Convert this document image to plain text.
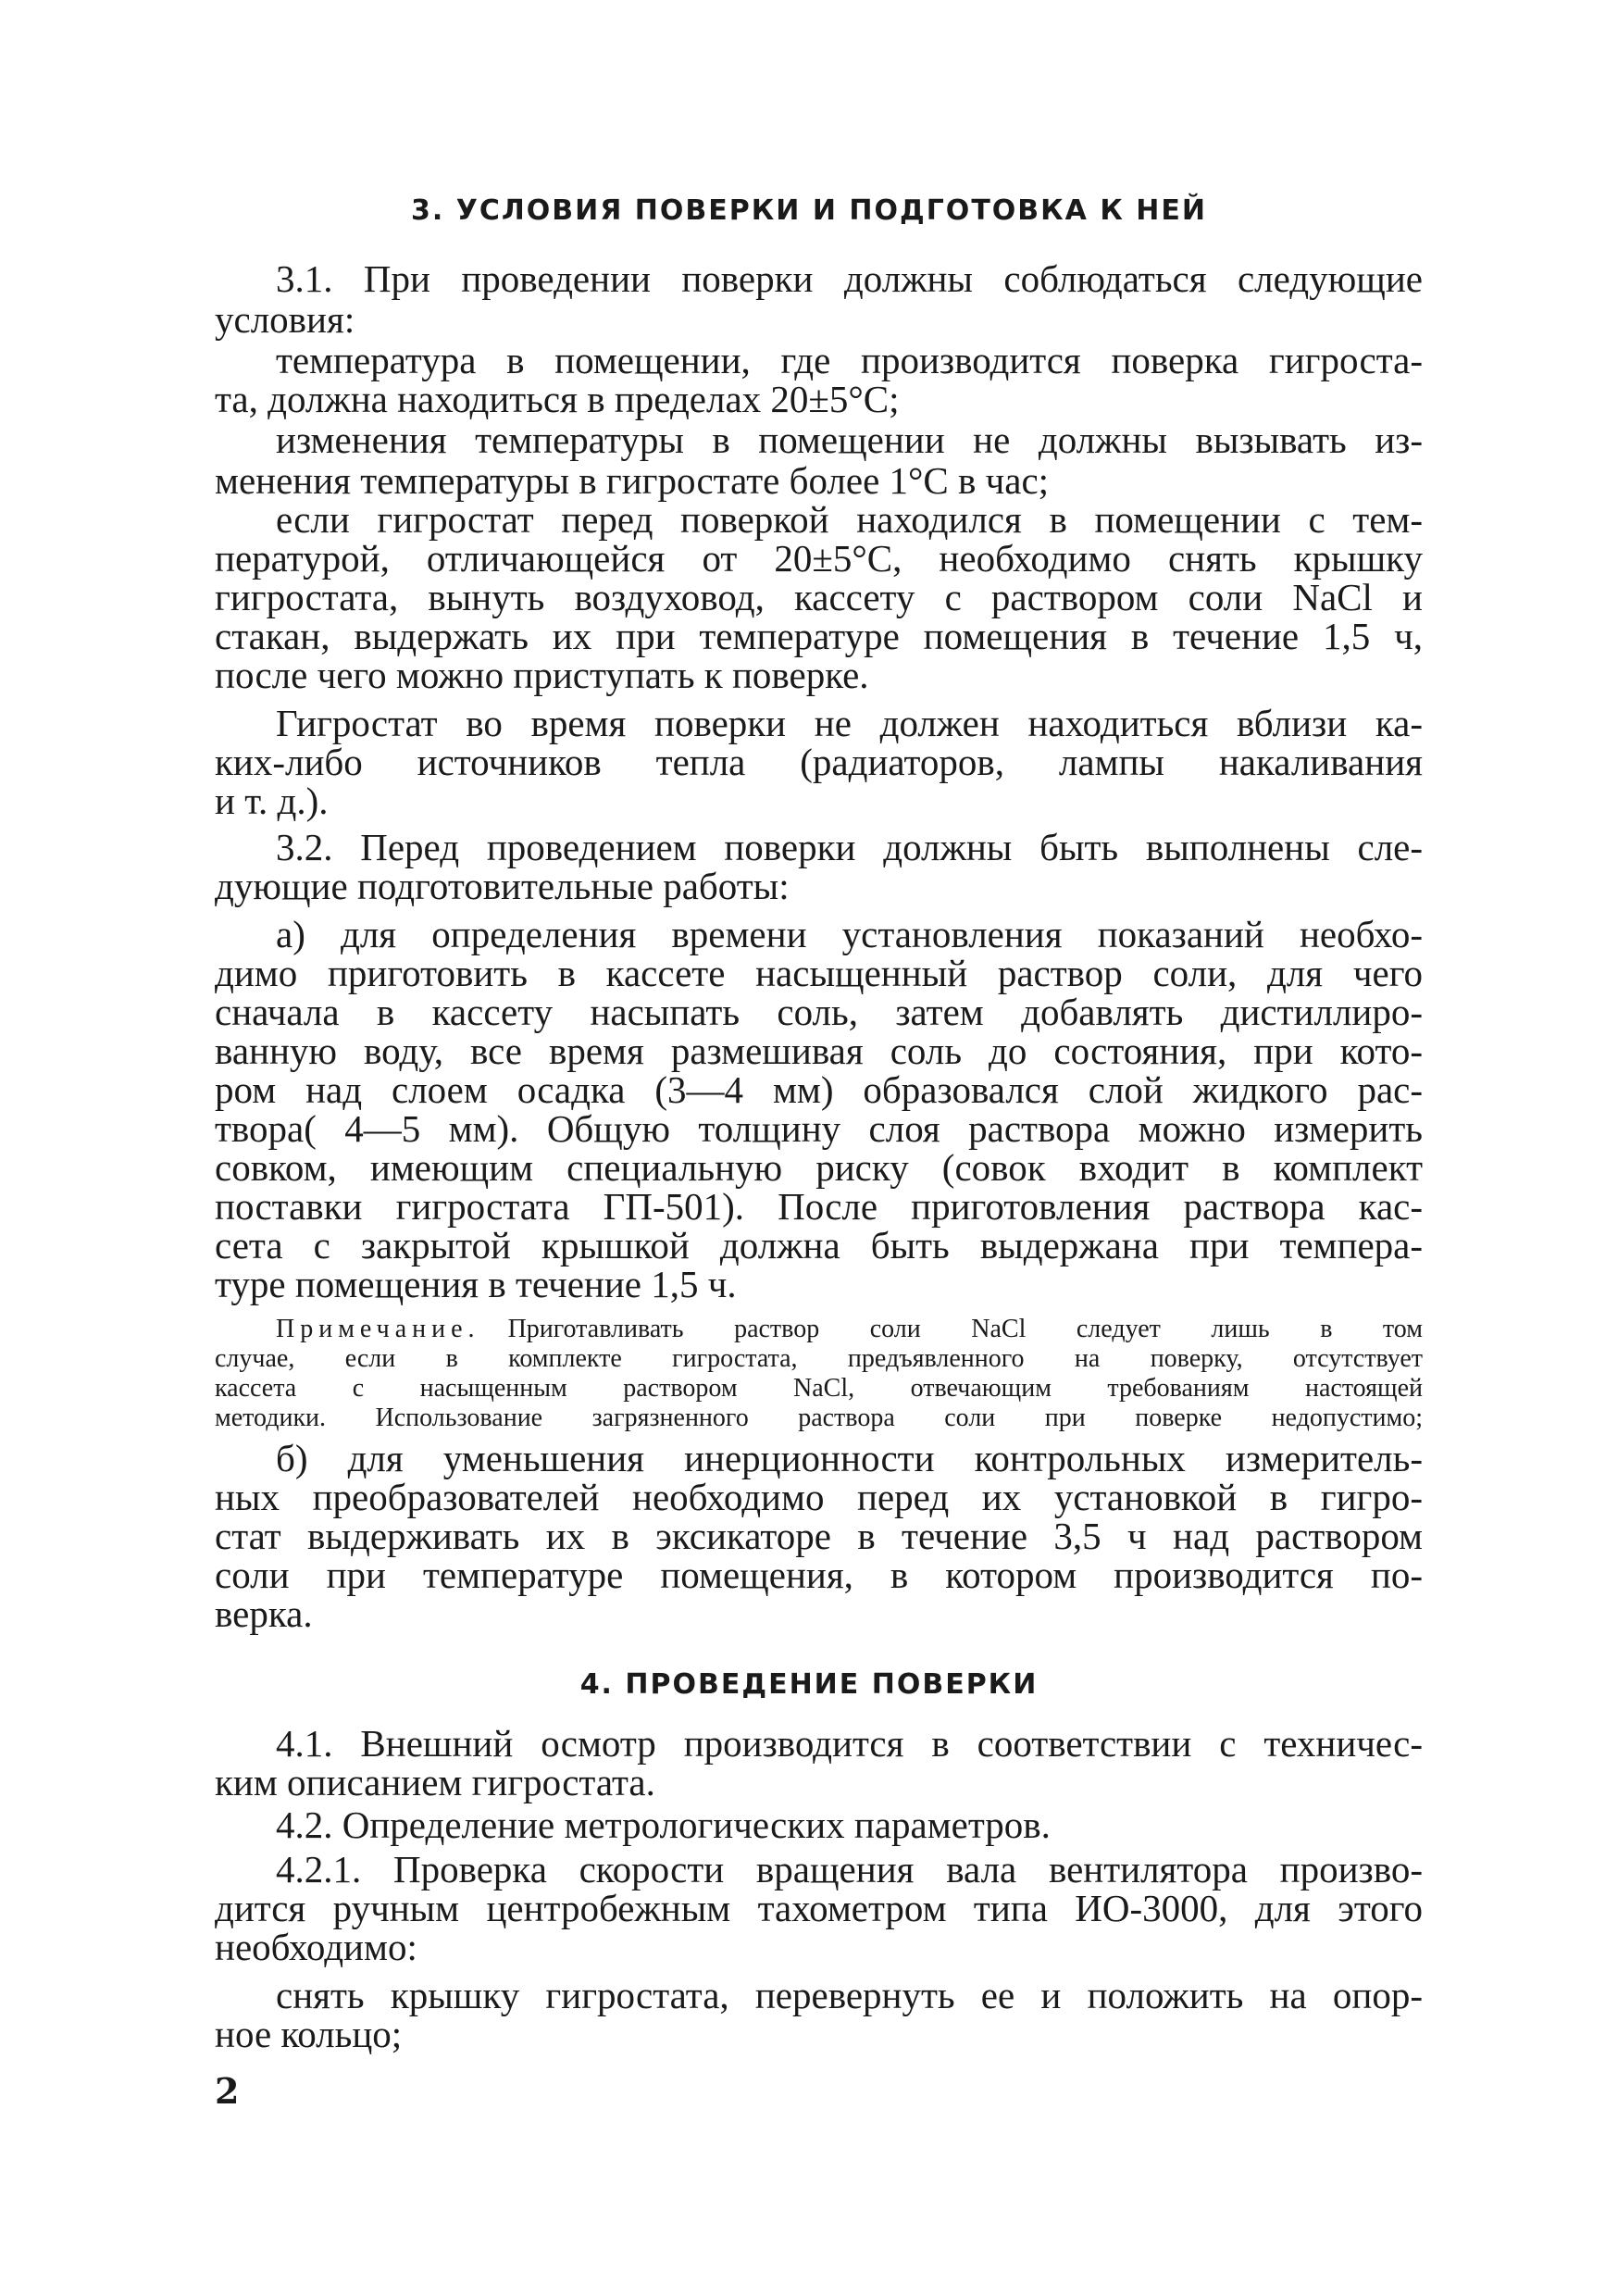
3. УСЛОВИЯ ПОВЕРКИ И ПОДГОТОВКА К НЕЙ
3.1. При проведении поверки должны соблюдаться следующие
условия:
температура в помещении, где производится поверка гигроста-
та, должна находиться в пределах 20±5°С;
изменения температуры в помещении не должны вызывать из-
менения температуры в гигростате более 1°С в час;
если гигростат перед поверкой находился в помещении с тем-
пературой, отличающейся от 20±5°С, необходимо снять крышку
гигростата, вынуть воздуховод, кассету с раствором соли NaCl и
стакан, выдержать их при температуре помещения в течение 1,5 ч,
после чего можно приступать к поверке.
Гигростат во время поверки не должен находиться вблизи ка-
ких-либо источников тепла (радиаторов, лампы накаливания
и т. д.).
3.2. Перед проведением поверки должны быть выполнены сле-
дующие подготовительные работы:
а) для определения времени установления показаний необхо-
димо приготовить в кассете насыщенный раствор соли, для чего
сначала в кассету насыпать соль, затем добавлять дистиллиро-
ванную воду, все время размешивая соль до состояния, при кото-
ром над слоем осадка (3—4 мм) образовался слой жидкого рас-
твора( 4—5 мм). Общую толщину слоя раствора можно измерить
совком, имеющим специальную риску (совок входит в комплект
поставки гигростата ГП-501). После приготовления раствора кас-
сета с закрытой крышкой должна быть выдержана при темпера-
туре помещения в течение 1,5 ч.
Примечание. Приготавливать раствор соли NaCl следует лишь в том
случае, если в комплекте гигростата, предъявленного на поверку, отсутствует
кассета с насыщенным раствором NaCl, отвечающим требованиям настоящей
методики. Использование загрязненного раствора соли при поверке недопустимо;
б) для уменьшения инерционности контрольных измеритель-
ных преобразователей необходимо перед их установкой в гигро-
стат выдерживать их в эксикаторе в течение 3,5 ч над раствором
соли при температуре помещения, в котором производится по-
верка.
4. ПРОВЕДЕНИЕ ПОВЕРКИ
4.1. Внешний осмотр производится в соответствии с техничес-
ким описанием гигростата.
4.2. Определение метрологических параметров.
4.2.1. Проверка скорости вращения вала вентилятора произво-
дится ручным центробежным тахометром типа ИО-3000, для этого
необходимо:
снять крышку гигростата, перевернуть ее и положить на опор-
ное кольцо;
2
